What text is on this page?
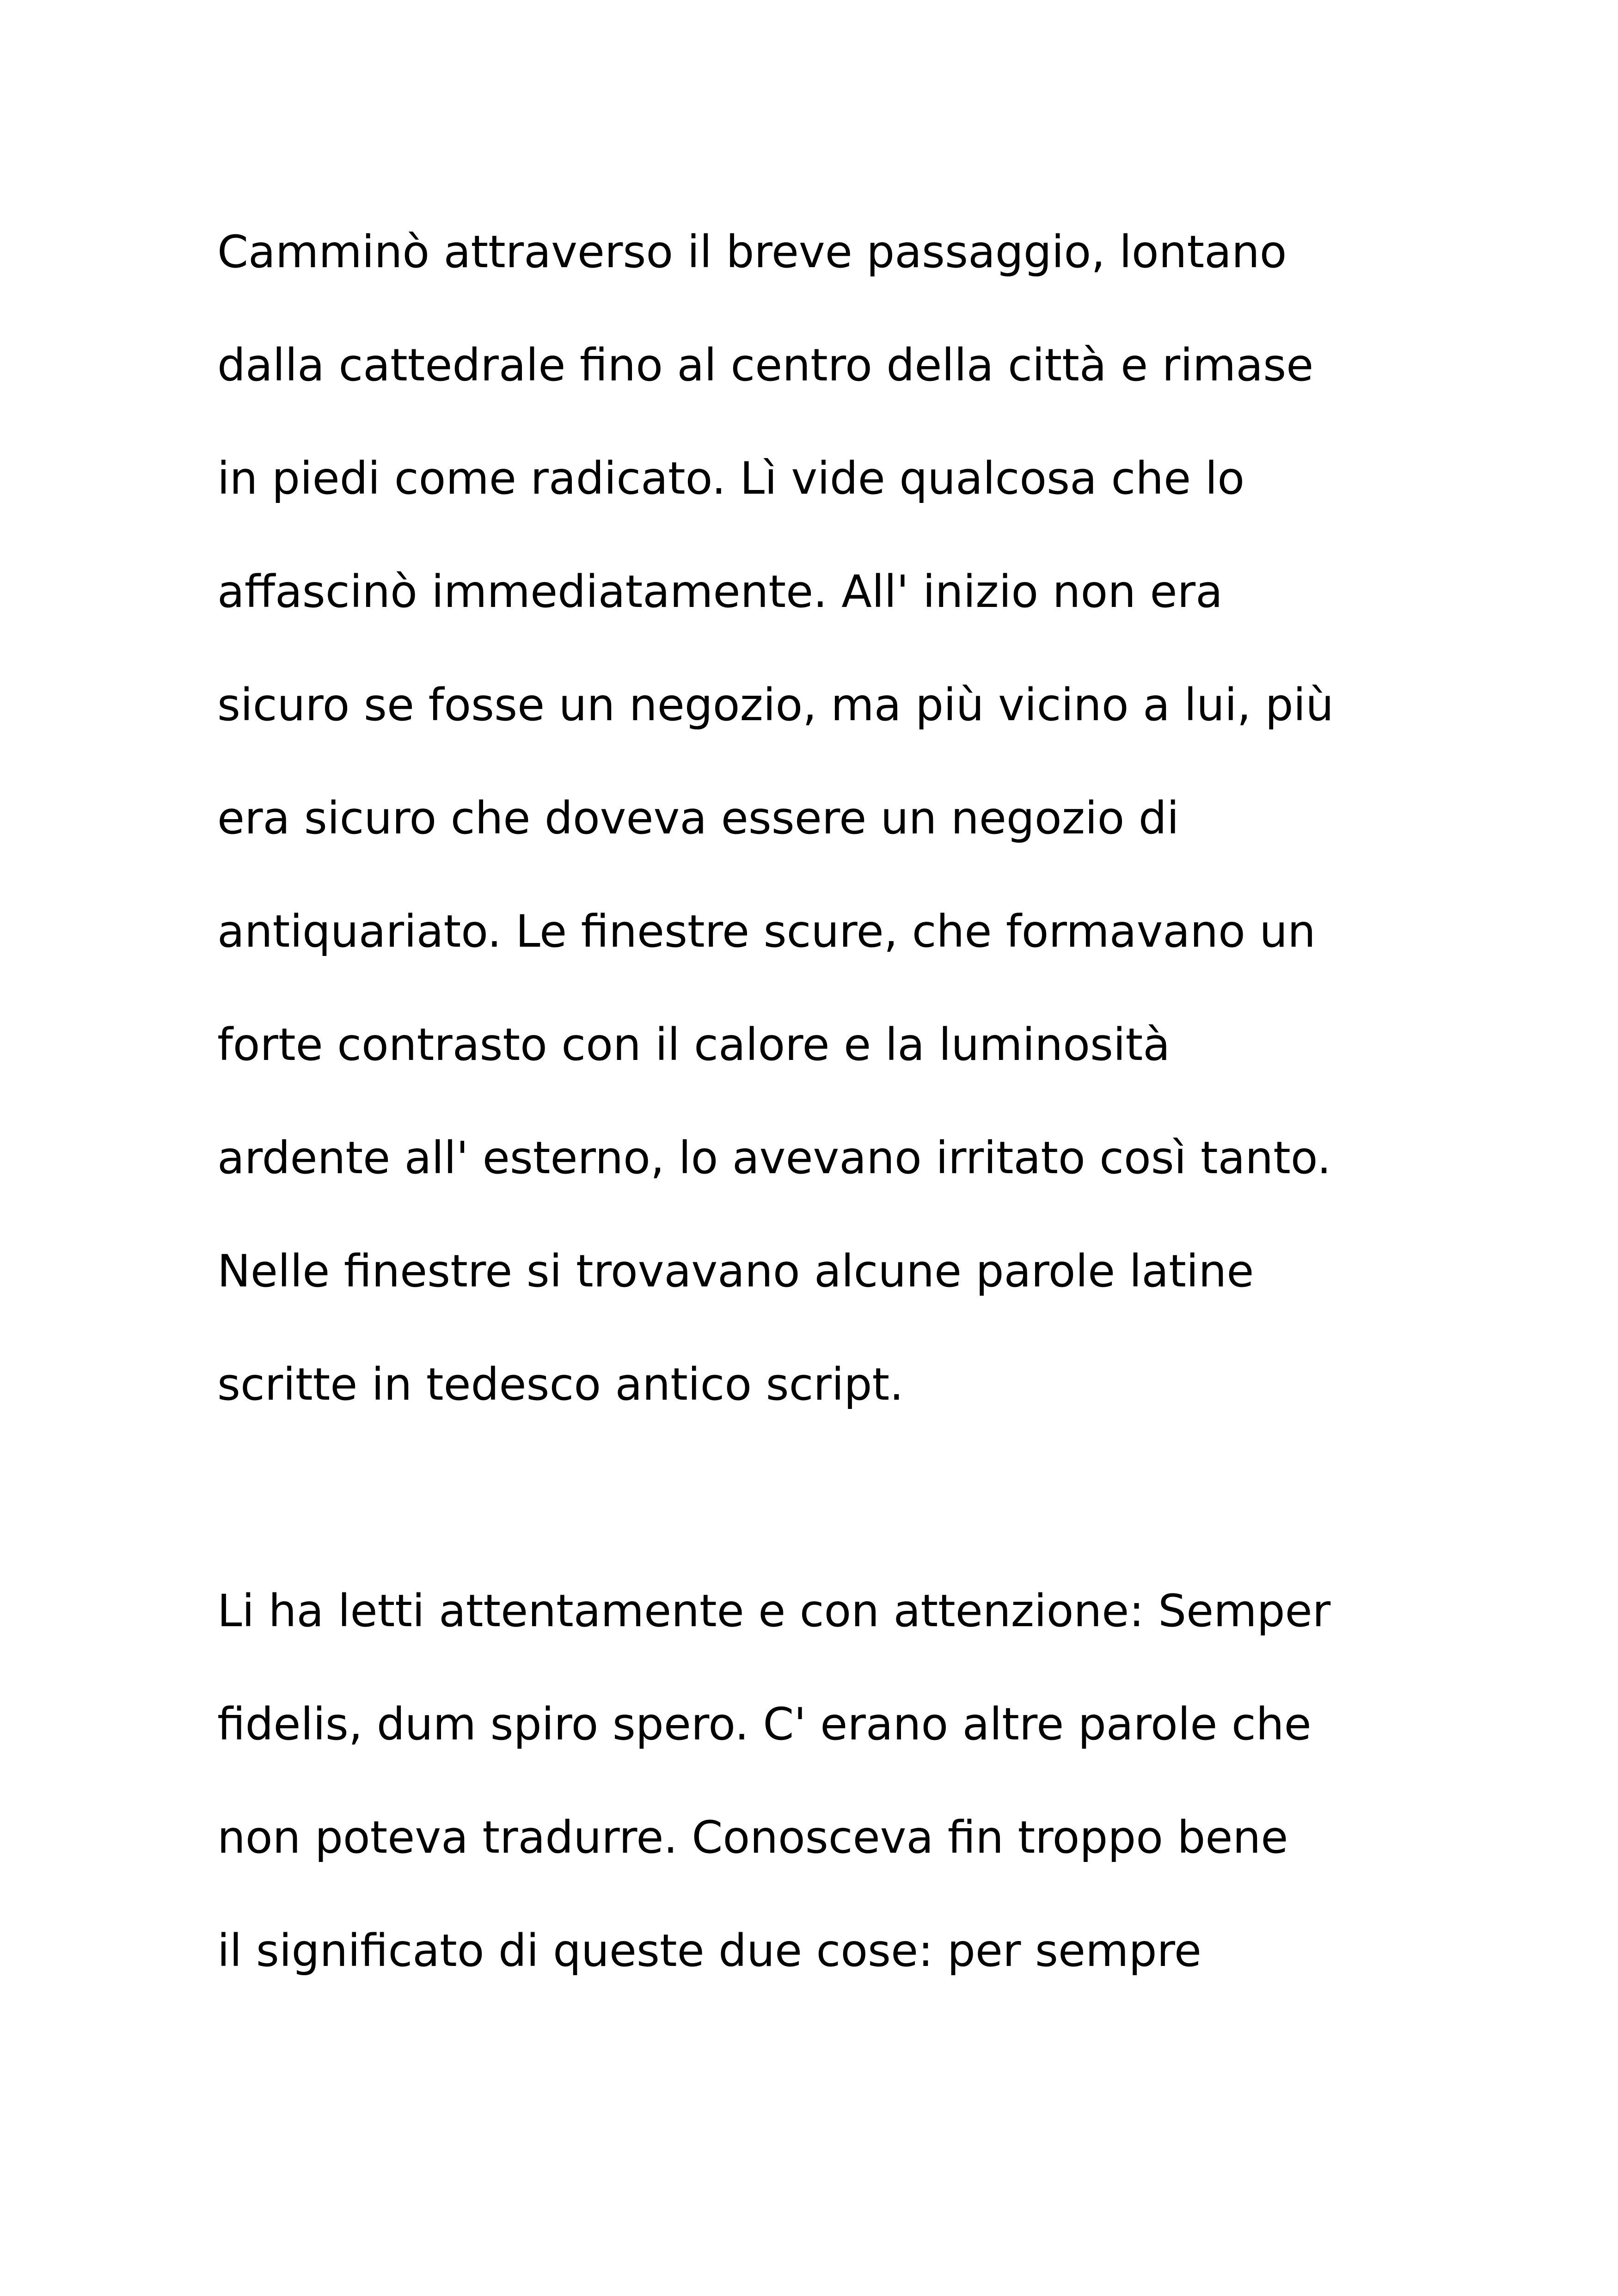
Camminò attraverso il breve passaggio, lontano

dalla cattedrale fino al centro della città e rimase

in piedi come radicato. Lì vide qualcosa che lo

affascinò immediatamente. All' inizio non era

sicuro se fosse un negozio, ma più vicino a lui, più

era sicuro che doveva essere un negozio di

antiquariato. Le finestre scure, che formavano un

forte contrasto con il calore e la luminosità

ardente all' esterno, lo avevano irritato così tanto.

Nelle finestre si trovavano alcune parole latine

scritte in tedesco antico script.

Li ha letti attentamente e con attenzione: Semper

fidelis, dum spiro spero. C' erano altre parole che

non poteva tradurre. Conosceva fin troppo bene

il significato di queste due cose: per sempre
